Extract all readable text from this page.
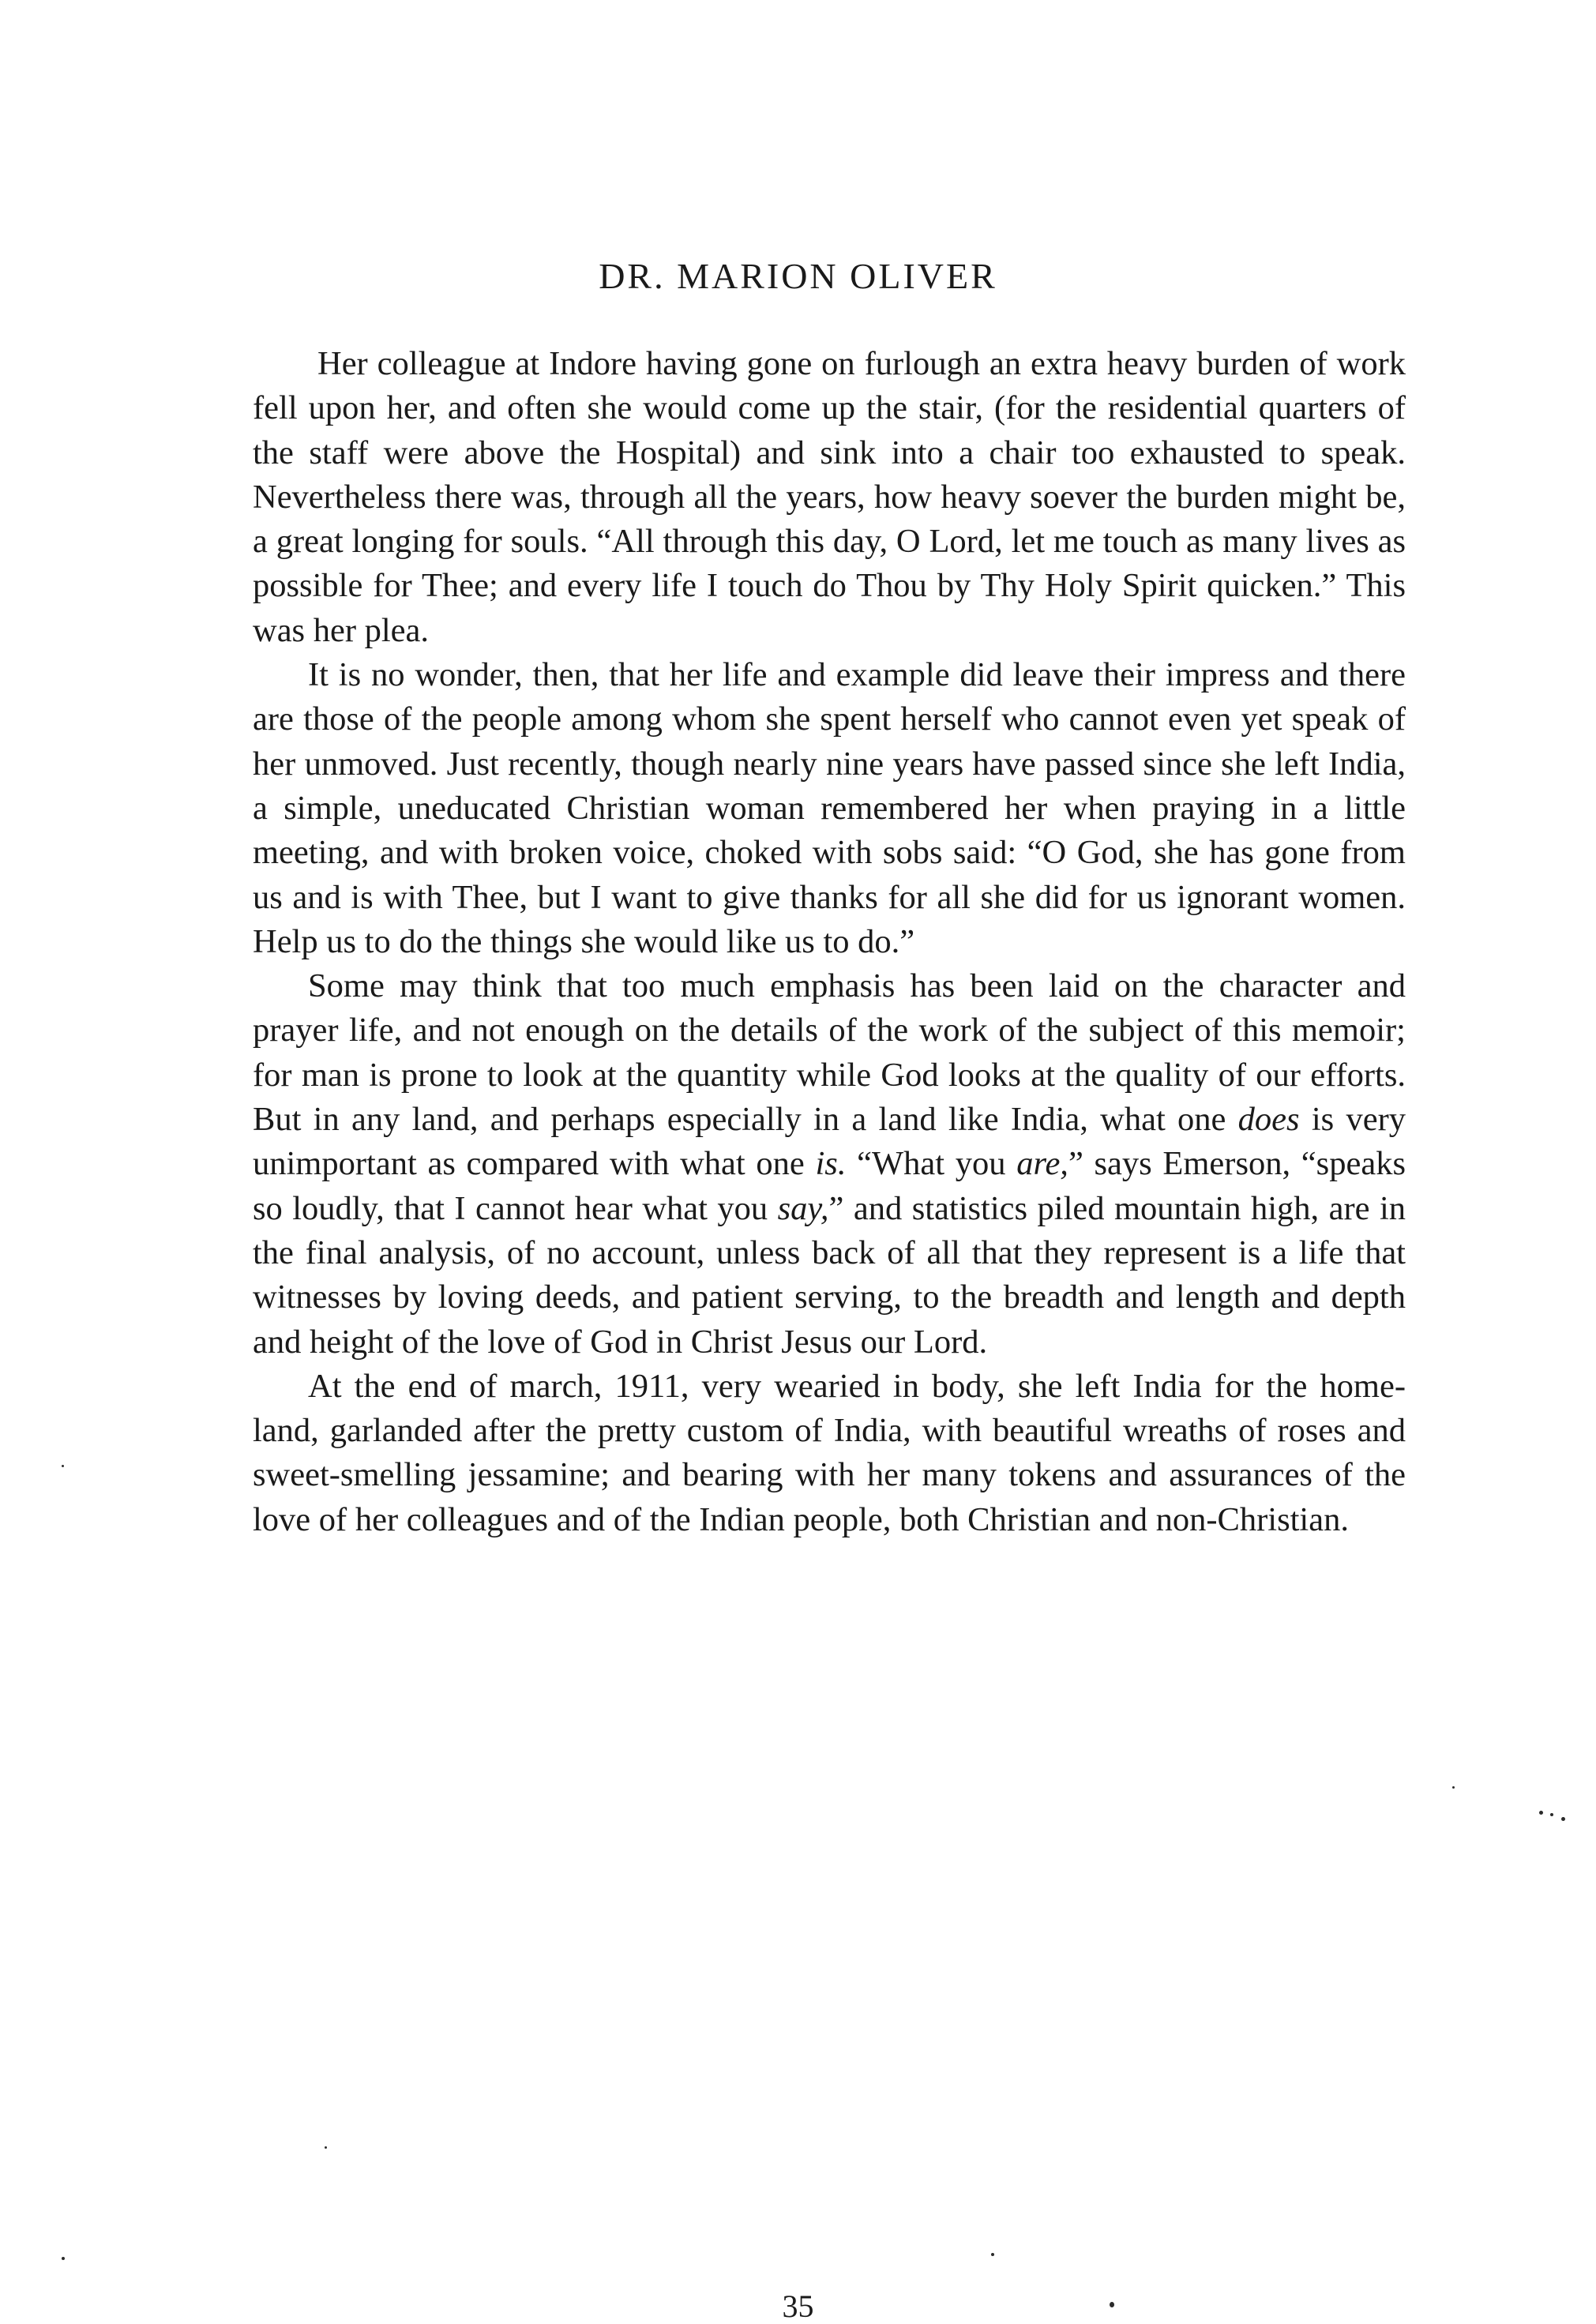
DR. MARION OLIVER

Her colleague at Indore having gone on furlough an extra heavy burden of work fell upon her, and often she would come up the stair, (for the residential quarters of the staff were above the Hospital) and sink into a chair too exhausted to speak. Nevertheless there was, through all the years, how heavy soever the burden might be, a great longing for souls. “All through this day, O Lord, let me touch as many lives as possible for Thee; and every life I touch do Thou by Thy Holy Spirit quicken.” This was her plea.

It is no wonder, then, that her life and example did leave their impress and there are those of the people among whom she spent herself who cannot even yet speak of her unmoved. Just recently, though nearly nine years have passed since she left India, a simple, uneducated Christian woman remembered her when praying in a little meeting, and with broken voice, choked with sobs said: “O God, she has gone from us and is with Thee, but I want to give thanks for all she did for us ignorant women. Help us to do the things she would like us to do.”

Some may think that too much emphasis has been laid on the character and prayer life, and not enough on the details of the work of the subject of this memoir; for man is prone to look at the quantity while God looks at the quality of our efforts. But in any land, and perhaps especially in a land like India, what one does is very unimportant as compared with what one is. “What you are,” says Emerson, “speaks so loudly, that I cannot hear what you say,” and statistics piled mountain high, are in the final analysis, of no account, unless back of all that they represent is a life that witnesses by loving deeds, and patient serving, to the breadth and length and depth and height of the love of God in Christ Jesus our Lord.

At the end of march, 1911, very wearied in body, she left India for the home-land, garlanded after the pretty custom of India, with beautiful wreaths of roses and sweet-smelling jessamine; and bearing with her many tokens and assurances of the love of her colleagues and of the Indian people, both Christian and non-Christian.

35
